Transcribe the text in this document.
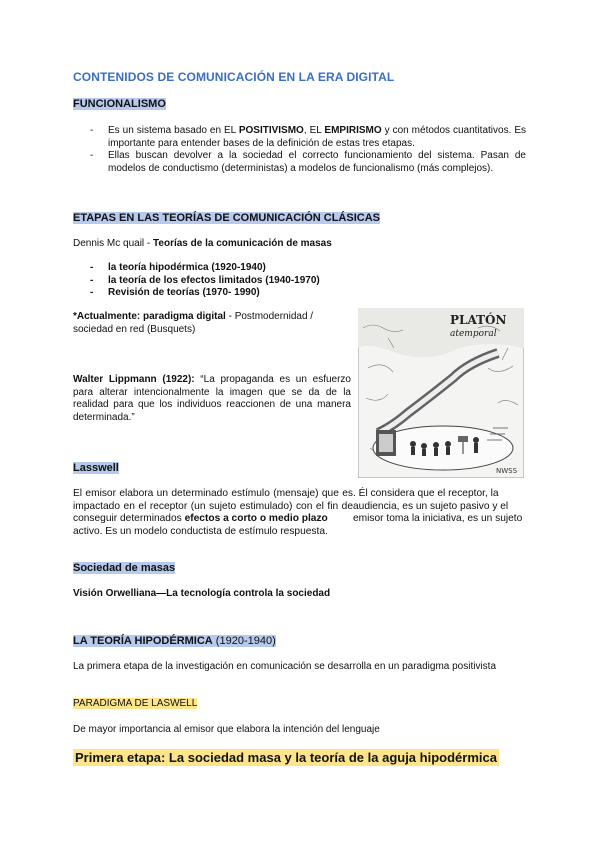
CONTENIDOS DE COMUNICACIÓN EN LA ERA DIGITAL
FUNCIONALISMO
- Es un sistema basado en EL POSITIVISMO, EL EMPIRISMO y con métodos cuantitativos. Es importante para entender bases de la definición de estas tres etapas.
- Ellas buscan devolver a la sociedad el correcto funcionamiento del sistema. Pasan de modelos de conductismo (deterministas) a modelos de funcionalismo (más complejos).
ETAPAS EN LAS TEORÍAS DE COMUNICACIÓN CLÁSICAS
Dennis Mc quail - Teorías de la comunicación de masas
- la teoría hipodérmica (1920-1940)
- la teoría de los efectos limitados (1940-1970)
- Revisión de teorías (1970- 1990)
*Actualmente: paradigma digital - Postmodernidad / sociedad en red (Busquets)
Walter Lippmann (1922): “La propaganda es un esfuerzo para alterar intencionalmente la imagen que se da de la realidad para que los individuos reaccionen de una manera determinada.”
PLATÓN
atemporal
NWSS
Lasswell
El emisor elabora un determinado estímulo (mensaje) que es impactado en el receptor (un sujeto estimulado) con el fin de conseguir determinados efectos a corto o medio plazo
. Él considera que el receptor, la audiencia, es un sujeto pasivo y el emisor toma la iniciativa, es un sujeto activo. Es un modelo conductista de estímulo respuesta.
Sociedad de masas
Visión Orwelliana—La tecnología controla la sociedad
LA TEORÍA HIPODÉRMICA (1920-1940)
La primera etapa de la investigación en comunicación se desarrolla en un paradigma positivista
PARADIGMA DE LASWELL
De mayor importancia al emisor que elabora la intención del lenguaje
Primera etapa: La sociedad masa y la teoría de la aguja hipodérmica
